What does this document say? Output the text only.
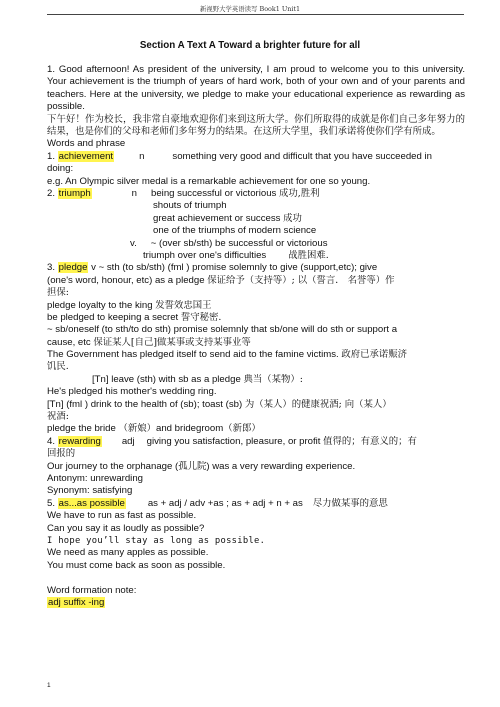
新视野大学英语读写 Book1 Unit1
Section A Text A Toward a brighter future for all
1. Good afternoon! As president of the university, I am proud to welcome you to this university. Your achievement is the triumph of years of hard work, both of your own and of your parents and teachers. Here at the university, we pledge to make your educational experience as rewarding as possible.
下午好！作为校长，我非常自豪地欢迎你们来到这所大学。你们所取得的成就是你们自己多年努力的结果，也是你们的父母和老师们多年努力的结果。在这所大学里，我们承诺将使你们学有所成。
Words and phrase
1. achievement	n	something very good and difficult that you have succeeded in
doing:
e.g. An Olympic silver medal is a remarkable achievement for one so young.
2. triumph	n being successful or victorious 成功,胜利
shouts of triumph
great achievement or success 成功
one of the triumphs of modern science
v. ~ (over sb/sth) be successful or victorious
triumph over one's difficulties 战胜困难.
3. pledge v ~ sth (to sb/sth) (fml ) promise solemnly to give (support,etc); give
(one's word, honour, etc) as a pledge 保证给予（支持等）; 以（誓言． 名誉等）作
担保:
pledge loyalty to the king 发誓效忠国王
be pledged to keeping a secret 誓守秘密.
~ sb/oneself (to sth/to do sth) promise solemnly that sb/one will do sth or support a
cause, etc 保证某人[自己]做某事或支持某事业等
The Government has pledged itself to send aid to the famine victims. 政府已承诺赈济
饥民.
[Tn] leave (sth) with sb as a pledge 典当（某物）:
He's pledged his mother's wedding ring.
[Tn] (fml ) drink to the health of (sb); toast (sb) 为（某人）的健康祝酒; 向（某人）
祝酒:
pledge the bride （新娘）and bridegroom（新郎）
4. rewarding adj giving you satisfaction, pleasure, or profit 值得的；有意义的；有
回报的
Our journey to the orphanage (孤儿院) was a very rewarding experience.
Antonym: unrewarding
Synonym: satisfying
5. as...as possible as + adj / adv +as ; as + adj + n + as 尽力做某事的意思
We have to run as fast as possible.
Can you say it as loudly as possible?
I hope you’ll stay as long as possible.
We need as many apples as possible.
You must come back as soon as possible.
Word formation note:
adj suffix -ing
1
